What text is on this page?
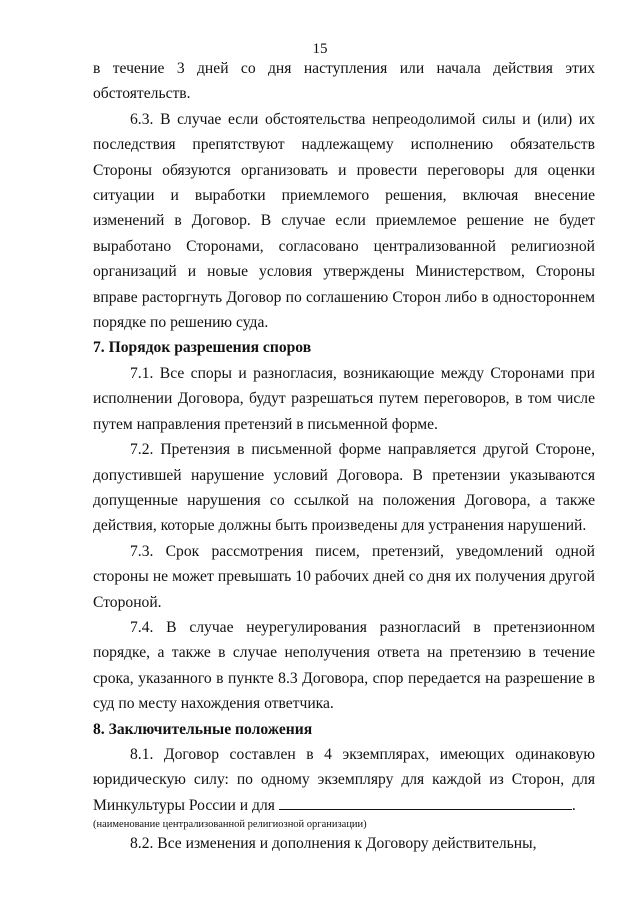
15

в течение 3 дней со дня наступления или начала действия этих обстоятельств.

6.3. В случае если обстоятельства непреодолимой силы и (или) их последствия препятствуют надлежащему исполнению обязательств Стороны обязуются организовать и провести переговоры для оценки ситуации и выработки приемлемого решения, включая внесение изменений в Договор. В случае если приемлемое решение не будет выработано Сторонами, согласовано централизованной религиозной организаций и новые условия утверждены Министерством, Стороны вправе расторгнуть Договор по соглашению Сторон либо в одностороннем порядке по решению суда.

7. Порядок разрешения споров

7.1. Все споры и разногласия, возникающие между Сторонами при исполнении Договора, будут разрешаться путем переговоров, в том числе путем направления претензий в письменной форме.

7.2. Претензия в письменной форме направляется другой Стороне, допустившей нарушение условий Договора. В претензии указываются допущенные нарушения со ссылкой на положения Договора, а также действия, которые должны быть произведены для устранения нарушений.

7.3. Срок рассмотрения писем, претензий, уведомлений одной стороны не может превышать 10 рабочих дней со дня их получения другой Стороной.

7.4. В случае неурегулирования разногласий в претензионном порядке, а также в случае неполучения ответа на претензию в течение срока, указанного в пункте 8.3 Договора, спор передается на разрешение в суд по месту нахождения ответчика.

8. Заключительные положения

8.1. Договор составлен в 4 экземплярах, имеющих одинаковую юридическую силу: по одному экземпляру для каждой из Сторон, для Минкультуры России и для	.

(наименование централизованной религиозной организации)

8.2. Все изменения и дополнения к Договору действительны,
